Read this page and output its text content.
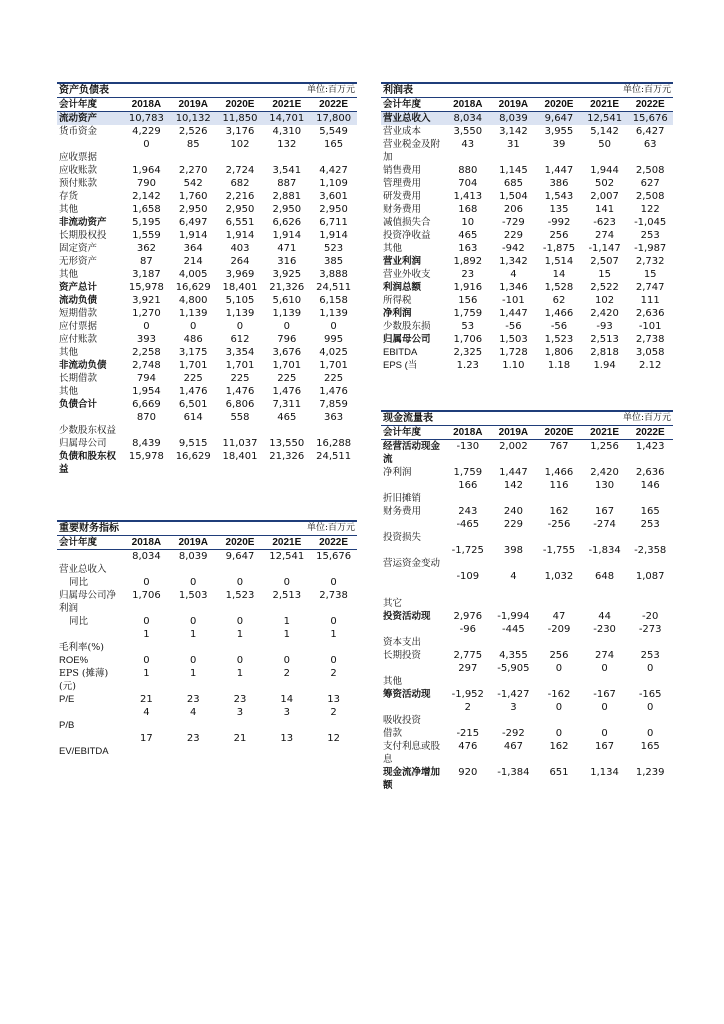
资产负债表				单位:百万元	
会计年度	2018A	2019A	2020E	2021E	2022E
流动资产	10,783	10,132	11,850	14,701	17,800
货币资金	4,229	2,526	3,176	4,310	5,549
应收票据	0	85	102	132	165
应收账款	1,964	2,270	2,724	3,541	4,427
预付账款	790	542	682	887	1,109
存货	2,142	1,760	2,216	2,881	3,601
其他	1,658	2,950	2,950	2,950	2,950
非流动资产	5,195	6,497	6,551	6,626	6,711
长期股权投	1,559	1,914	1,914	1,914	1,914
固定资产	362	364	403	471	523
无形资产	87	214	264	316	385
其他	3,187	4,005	3,969	3,925	3,888
资产总计	15,978	16,629	18,401	21,326	24,511
流动负债	3,921	4,800	5,105	5,610	6,158
短期借款	1,270	1,139	1,139	1,139	1,139
应付票据	0	0	0	0	0
应付账款	393	486	612	796	995
其他	2,258	3,175	3,354	3,676	4,025
非流动负债	2,748	1,701	1,701	1,701	1,701
长期借款	794	225	225	225	225
其他	1,954	1,476	1,476	1,476	1,476
负债合计	6,669	6,501	6,806	7,311	7,859
少数股东权益	870	614	558	465	363
归属母公司	8,439	9,515	11,037	13,550	16,288
负债和股东权益	15,978	16,629	18,401	21,326	24,511
重要财务指标		单位:百万元			
会计年度	2018A	2019A	2020E	2021E	2022E
营业总收入	8,034	8,039	9,647	12,541	15,676
同比	0	0	0	0	0
归属母公司净利润	1,706	1,503	1,523	2,513	2,738
同比	0	0	0	1	0
毛利率(%)	1	1	1	1	1
ROE%	0	0	0	0	0
EPS (摊薄)(元)	1	1	1	2	2
P/E	21	23	23	14	13
P/B	4	4	3	3	2
EV/EBITDA	17	23	21	13	12
利润表				单位:百万元	
会计年度	2018A	2019A	2020E	2021E	2022E
营业总收入	8,034	8,039	9,647	12,541	15,676
营业成本	3,550	3,142	3,955	5,142	6,427
营业税金及附加	43	31	39	50	63
销售费用	880	1,145	1,447	1,944	2,508
管理费用	704	685	386	502	627
研发费用	1,413	1,504	1,543	2,007	2,508
财务费用	168	206	135	141	122
减值损失合	10	-729	-992	-623	-1,045
投资净收益	465	229	256	274	253
其他	163	-942	-1,875	-1,147	-1,987
营业利润	1,892	1,342	1,514	2,507	2,732
营业外收支	23	4	14	15	15
利润总额	1,916	1,346	1,528	2,522	2,747
所得税	156	-101	62	102	111
净利润	1,759	1,447	1,466	2,420	2,636
少数股东损	53	-56	-56	-93	-101
归属母公司	1,706	1,503	1,523	2,513	2,738
EBITDA	2,325	1,728	1,806	2,818	3,058
EPS (当	1.23	1.10	1.18	1.94	2.12
现金流量表				单位:百万元	
会计年度	2018A	2019A	2020E	2021E	2022E
经营活动现金流	-130	2,002	767	1,256	1,423
净利润	1,759	1,447	1,466	2,420	2,636
折旧摊销	166	142	116	130	146
财务费用	243	240	162	167	165
投资损失	-465	229	-256	-274	253
营运资金变动	-1,725	398	-1,755	-1,834	-2,358
其它	-109	4	1,032	648	1,087
投资活动现	2,976	-1,994	47	44	-20
资本支出	-96	-445	-209	-230	-273
长期投资	2,775	4,355	256	274	253
其他	297	-5,905	0	0	0
筹资活动现	-1,952	-1,427	-162	-167	-165
吸收投资	2	3	0	0	0
借款	-215	-292	0	0	0
支付利息或股息	476	467	162	167	165
现金流净增加额	920	-1,384	651	1,134	1,239
